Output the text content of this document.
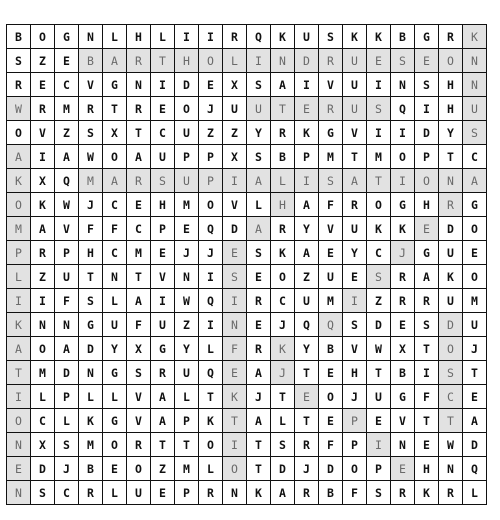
B	O	G	N	L	H	L	I	I	R	Q	K	U	S	K	K	B	G	R	K
S	Z	E	B	A	R	T	H	O	L	I	N	D	R	U	E	S	E	O	N
R	E	C	V	G	N	I	D	E	X	S	A	I	V	U	I	N	S	H	N
W	R	M	R	T	R	E	O	J	U	U	T	E	R	U	S	Q	I	H	U
O	V	Z	S	X	T	C	U	Z	Z	Y	R	K	G	V	I	I	D	Y	S
A	I	A	W	O	A	U	P	P	X	S	B	P	M	T	M	O	P	T	C
K	X	Q	M	A	R	S	U	P	I	A	L	I	S	A	T	I	O	N	A
O	K	W	J	C	E	H	M	O	V	L	H	A	F	R	O	G	H	R	G
M	A	V	F	F	C	P	E	Q	D	A	R	Y	V	U	K	K	E	D	O
P	R	P	H	C	M	E	J	J	E	S	K	A	E	Y	C	J	G	U	E
L	Z	U	T	N	T	V	N	I	S	E	O	Z	U	E	S	R	A	K	O
I	I	F	S	L	A	I	W	Q	I	R	C	U	M	I	Z	R	R	U	M
K	N	N	G	U	F	U	Z	I	N	E	J	Q	Q	S	D	E	S	D	U
A	O	A	D	Y	X	G	Y	L	F	R	K	Y	B	V	W	X	T	O	J
T	M	D	N	G	S	R	U	Q	E	A	J	T	E	H	T	B	I	S	T
I	L	P	L	L	V	A	L	T	K	J	T	E	O	J	U	G	F	C	E
O	C	L	K	G	V	A	P	K	T	A	L	T	E	P	E	V	T	T	A
N	X	S	M	O	R	T	T	O	I	T	S	R	F	P	I	N	E	W	D
E	D	J	B	E	O	Z	M	L	O	T	D	J	D	O	P	E	H	N	Q
N	S	C	R	L	U	E	P	R	N	K	A	R	B	F	S	R	K	R	L
